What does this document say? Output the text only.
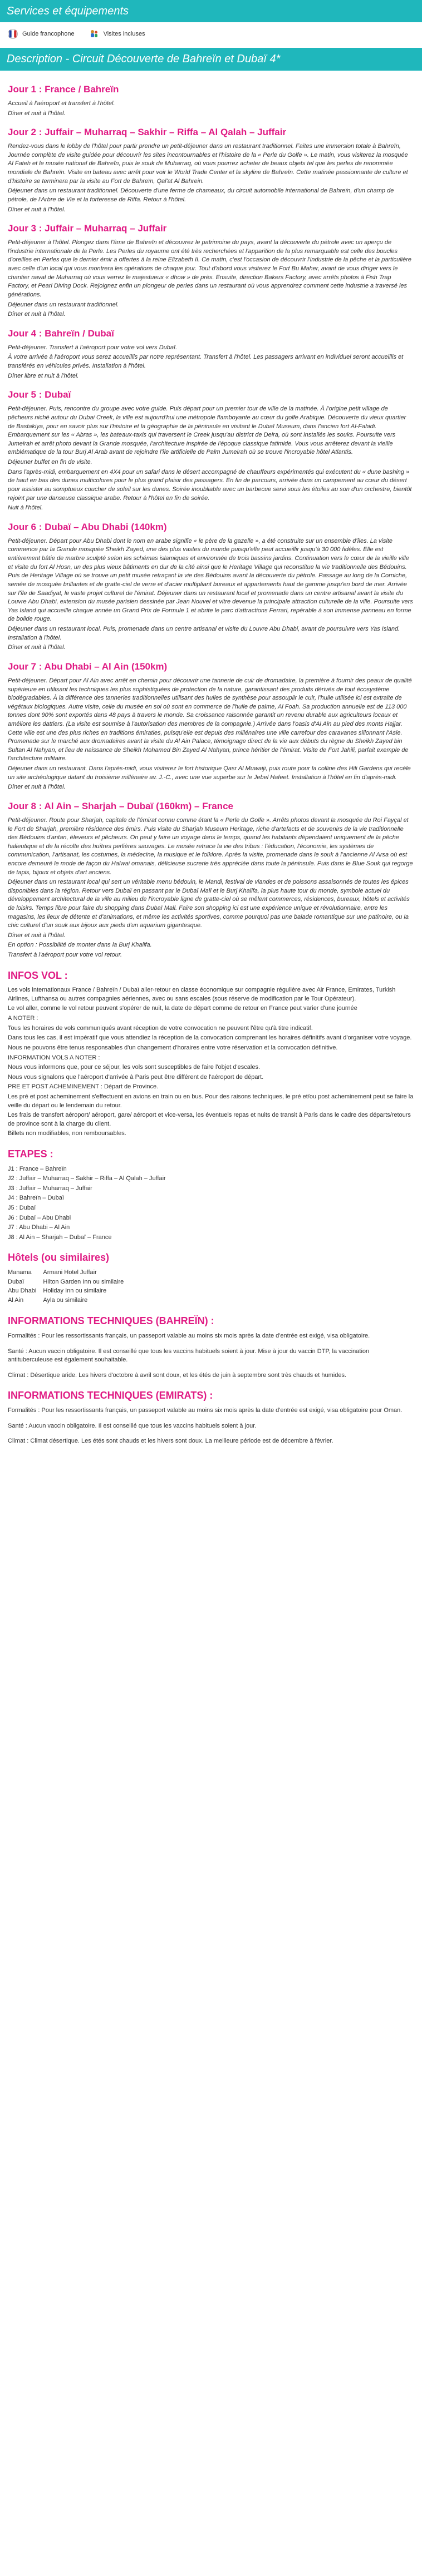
Services et équipements
Guide francophone	Visites incluses
Description - Circuit Découverte de Bahreïn et Dubaï 4*
Jour 1 : France / Bahreïn

Accueil à l'aéroport et transfert à l'hôtel.

Dîner et nuit à l'hôtel.

Jour 2 : Juffair – Muharraq – Sakhir – Riffa – Al Qalah – Juffair

Rendez-vous dans le lobby de l'hôtel pour partir prendre un petit-déjeuner dans un restaurant traditionnel. Faites une immersion totale à Bahreïn, Journée complète de visite guidée pour découvrir les sites incontournables et l'histoire de la « Perle du Golfe ». Le matin, vous visiterez la mosquée Al Fateh et le musée national de Bahreïn, puis le souk de Muharraq, où vous pourrez acheter de beaux objets tel que les perles de renommée mondiale de Bahreïn. Visite en bateau avec arrêt pour voir le World Trade Center et la skyline de Bahreïn. Cette matinée passionnante de culture et d'histoire se terminera par la visite au Fort de Bahreïn, Qal'at Al Bahrein.

Déjeuner dans un restaurant traditionnel. Découverte d'une ferme de chameaux, du circuit automobile international de Bahreïn, d'un champ de pétrole, de l'Arbre de Vie et la forteresse de Riffa. Retour à l'hôtel.

Dîner et nuit à l'hôtel.

Jour 3 : Juffair – Muharraq – Juffair

Petit-déjeuner à l'hôtel. Plongez dans l'âme de Bahreïn et découvrez le patrimoine du pays, avant la découverte du pétrole avec un aperçu de l'industrie internationale de la Perle. Les Perles du royaume ont été très recherchées et l'apparition de la plus remarquable est celle des boucles d'oreilles en Perles que le dernier émir a offertes à la reine Elizabeth II. Ce matin, c'est l'occasion de découvrir l'industrie de la pêche et la particulière avec celle d'un local qui vous montrera les opérations de chaque jour. Tout d'abord vous visiterez le Fort Bu Maher, avant de vous diriger vers le chantier naval de Muharraq où vous verrez le majestueux « dhow » de près. Ensuite, direction Bakers Factory, avec arrêts photos à Fish Trap Factory, et Pearl Diving Dock. Rejoignez enfin un plongeur de perles dans un restaurant où vous apprendrez comment cette industrie a traversé les générations.

Déjeuner dans un restaurant traditionnel.

Dîner et nuit à l'hôtel.

Jour 4 : Bahreïn / Dubaï

Petit-déjeuner. Transfert à l'aéroport pour votre vol vers Dubaï.

À votre arrivée à l'aéroport vous serez accueillis par notre représentant. Transfert à l'hôtel. Les passagers arrivant en individuel seront accueillis et transférés en véhicules privés. Installation à l'hôtel.

Dîner libre et nuit à l'hôtel.

Jour 5 : Dubaï

Petit-déjeuner. Puis, rencontre du groupe avec votre guide. Puis départ pour un premier tour de ville de la matinée. À l'origine petit village de pêcheurs niché autour du Dubai Creek, la ville est aujourd'hui une métropole flamboyante au cœur du golfe Arabique. Découverte du vieux quartier de Bastakiya, pour en savoir plus sur l'histoire et la géographie de la péninsule en visitant le Dubaï Museum, dans l'ancien fort Al-Fahidi. Embarquement sur les « Abras », les bateaux-taxis qui traversent le Creek jusqu'au district de Deira, où sont installés les souks. Poursuite vers Jumeirah et arrêt photo devant la Grande mosquée, l'architecture inspirée de l'époque classique fatimide. Vous vous arrêterez devant la vieille emblématique de la tour Burj Al Arab avant de rejoindre l'île artificielle de Palm Jumeirah où se trouve l'incroyable hôtel Atlantis.

Déjeuner buffet en fin de visite.

Dans l'après-midi, embarquement en 4X4 pour un safari dans le désert accompagné de chauffeurs expérimentés qui exécutent du « dune bashing » de haut en bas des dunes multicolores pour le plus grand plaisir des passagers. En fin de parcours, arrivée dans un campement au cœur du désert pour assister au somptueux coucher de soleil sur les dunes. Soirée inoubliable avec un barbecue servi sous les étoiles au son d'un orchestre, bientôt rejoint par une danseuse classique arabe. Retour à l'hôtel en fin de soirée.

Nuit à l'hôtel.

Jour 6 : Dubaï – Abu Dhabi (140km)

Petit-déjeuner. Départ pour Abu Dhabi dont le nom en arabe signifie « le père de la gazelle », a été construite sur un ensemble d'îles. La visite commence par la Grande mosquée Sheikh Zayed, une des plus vastes du monde puisqu'elle peut accueillir jusqu'à 30 000 fidèles. Elle est entièrement bâtie de marbre sculpté selon les schémas islamiques et environnée de trois bassins jardins. Continuation vers le cœur de la vieille ville et visite du fort Al Hosn, un des plus vieux bâtiments en dur de la cité ainsi que le Heritage Village qui reconstitue la vie traditionnelle des Bédouins. Puis de Heritage Village où se trouve un petit musée retraçant la vie des Bédouins avant la découverte du pétrole. Passage au long de la Corniche, semée de mosquée brillantes et de gratte-ciel de verre et d'acier multipliant bureaux et appartements haut de gamme jusqu'en bord de mer. Arrivée sur l'île de Saadiyat, le vaste projet culturel de l'émirat. Déjeuner dans un restaurant local et promenade dans un centre artisanal avant la visite du Louvre Abu Dhabi, extension du musée parisien dessinée par Jean Nouvel et vitre devenue la principale attraction culturelle de la ville. Poursuite vers Yas Island qui accueille chaque année un Grand Prix de Formule 1 et abrite le parc d'attractions Ferrari, repérable à son immense panneau en forme de bolide rouge.

Déjeuner dans un restaurant local. Puis, promenade dans un centre artisanal et visite du Louvre Abu Dhabi, avant de poursuivre vers Yas Island. Installation à l'hôtel.

Dîner et nuit à l'hôtel.

Jour 7 : Abu Dhabi – Al Ain (150km)

Petit-déjeuner. Départ pour Al Ain avec arrêt en chemin pour découvrir une tannerie de cuir de dromadaire, la première à fournir des peaux de qualité supérieure en utilisant les techniques les plus sophistiquées de protection de la nature, garantissant des produits dérivés de tout écosystème biodégradables. À la différence des tanneries traditionnelles utilisant des huiles de synthèse pour assouplir le cuir, l'huile utilisée ici est extraite de végétaux biologiques. Autre visite, celle du musée en soi où sont en commerce de l'huile de palme, Al Foah. Sa production annuelle est de 113 000 tonnes dont 90% sont exportés dans 48 pays à travers le monde. Sa croissance raisonnée garantit un revenu durable aux agriculteurs locaux et améliore les dattiers. (La visite est soumise à l'autorisation des membres de la compagnie.) Arrivée dans l'oasis d'Al Ain au pied des monts Hajjar. Cette ville est une des plus riches en traditions émiraties, puisqu'elle est depuis des millénaires une ville carrefour des caravanes sillonnant l'Asie. Promenade sur le marché aux dromadaires avant la visite du Al Ain Palace, témoignage direct de la vie aux débuts du règne du Sheikh Zayed bin Sultan Al Nahyan, et lieu de naissance de Sheikh Mohamed Bin Zayed Al Nahyan, prince héritier de l'émirat. Visite de Fort Jahili, parfait exemple de l'architecture militaire.

Déjeuner dans un restaurant. Dans l'après-midi, vous visiterez le fort historique Qasr Al Muwaiji, puis route pour la colline des Hili Gardens qui recèle un site archéologique datant du troisième millénaire av. J.-C., avec une vue superbe sur le Jebel Hafeet. Installation à l'hôtel en fin d'après-midi.

Dîner et nuit à l'hôtel.

Jour 8 : Al Ain – Sharjah – Dubaï (160km) – France

Petit-déjeuner. Route pour Sharjah, capitale de l'émirat connu comme étant la « Perle du Golfe ». Arrêts photos devant la mosquée du Roi Fayçal et le Fort de Sharjah, première résidence des émirs. Puis visite du Sharjah Museum Heritage, riche d'artefacts et de souvenirs de la vie traditionnelle des Bédouins d'antan, éleveurs et pêcheurs. On peut y faire un voyage dans le temps, quand les habitants dépendaient uniquement de la pêche halieutique et de la récolte des huîtres perlières sauvages. Le musée retrace la vie des tribus : l'éducation, l'économie, les systèmes de communication, l'artisanat, les costumes, la médecine, la musique et le folklore. Après la visite, promenade dans le souk à l'ancienne Al Arsa où est encore demeuré le mode de façon du Halwai omanais, délicieuse sucrerie très appréciée dans toute la péninsule. Puis dans le Blue Souk qui regorge de tapis, bijoux et objets d'art anciens.

Déjeuner dans un restaurant local qui sert un véritable menu bédouin, le Mandi, festival de viandes et de poissons assaisonnés de toutes les épices disponibles dans la région. Retour vers Dubaï en passant par le Dubaï Mall et le Burj Khalifa, la plus haute tour du monde, symbole actuel du développement architectural de la ville au milieu de l'incroyable ligne de gratte-ciel où se mêlent commerces, résidences, bureaux, hôtels et activités de loisirs. Temps libre pour faire du shopping dans Dubaï Mall. Faire son shopping ici est une expérience unique et révolutionnaire, entre les magasins, les lieux de détente et d'animations, et même les activités sportives, comme pourquoi pas une balade romantique sur une patinoire, ou la chic culturel d'un souk aux bijoux aux pieds d'un aquarium gigantesque.

Dîner et nuit à l'hôtel.

En option : Possibilité de monter dans la Burj Khalifa.

Transfert à l'aéroport pour votre vol retour.

INFOS VOL :

Les vols internationaux France / Bahreïn / Dubaï aller-retour en classe économique sur compagnie régulière avec Air France, Emirates, Turkish Airlines, Lufthansa ou autres compagnies aériennes, avec ou sans escales (sous réserve de modification par le Tour Opérateur).

Le vol aller, comme le vol retour peuvent s'opérer de nuit, la date de départ comme de retour en France peut varier d'une journée

A NOTER :

Tous les horaires de vols communiqués avant réception de votre convocation ne peuvent l'être qu'à titre indicatif.

Dans tous les cas, il est impératif que vous attendiez la réception de la convocation comprenant les horaires définitifs avant d'organiser votre voyage.

Nous ne pouvons être tenus responsables d'un changement d'horaires entre votre réservation et la convocation définitive.

INFORMATION VOLS A NOTER :

Nous vous informons que, pour ce séjour, les vols sont susceptibles de faire l'objet d'escales.

Nous vous signalons que l'aéroport d'arrivée à Paris peut être différent de l'aéroport de départ.

PRE ET POST ACHEMINEMENT : Départ de Province.

Les pré et post acheminement s'effectuent en avions en train ou en bus. Pour des raisons techniques, le pré et/ou post acheminement peut se faire la veille du départ ou le lendemain du retour.

Les frais de transfert aéroport/ aéroport, gare/ aéroport et vice-versa, les éventuels repas et nuits de transit à Paris dans le cadre des départs/retours de province sont à la charge du client.

Billets non modifiables, non remboursables.

ETAPES :

J1 : France – Bahreïn

J2 : Juffair – Muharraq – Sakhir – Riffa – Al Qalah – Juffair

J3 : Juffair – Muharraq – Juffair

J4 : Bahreïn – Dubaï

J5 : Dubaï

J6 : Dubaï – Abu Dhabi

J7 : Abu Dhabi – Al Ain

J8 : Al Ain – Sharjah – Dubaï – France

Hôtels (ou similaires)
Manama	Armani Hotel Juffair
Dubaï	Hilton Garden Inn ou similaire
Abu Dhabi	Holiday Inn ou similaire
Al Ain	Ayla ou similaire
INFORMATIONS TECHNIQUES (BAHREÏN) :

Formalités : Pour les ressortissants français, un passeport valable au moins six mois après la date d'entrée est exigé, visa obligatoire.

Santé : Aucun vaccin obligatoire. Il est conseillé que tous les vaccins habituels soient à jour. Mise à jour du vaccin DTP, la vaccination antituberculeuse est également souhaitable.

Climat : Désertique aride. Les hivers d'octobre à avril sont doux, et les étés de juin à septembre sont très chauds et humides.

INFORMATIONS TECHNIQUES (EMIRATS) :

Formalités : Pour les ressortissants français, un passeport valable au moins six mois après la date d'entrée est exigé, visa obligatoire pour Oman.

Santé : Aucun vaccin obligatoire. Il est conseillé que tous les vaccins habituels soient à jour.

Climat : Climat désertique. Les étés sont chauds et les hivers sont doux. La meilleure période est de décembre à février.
